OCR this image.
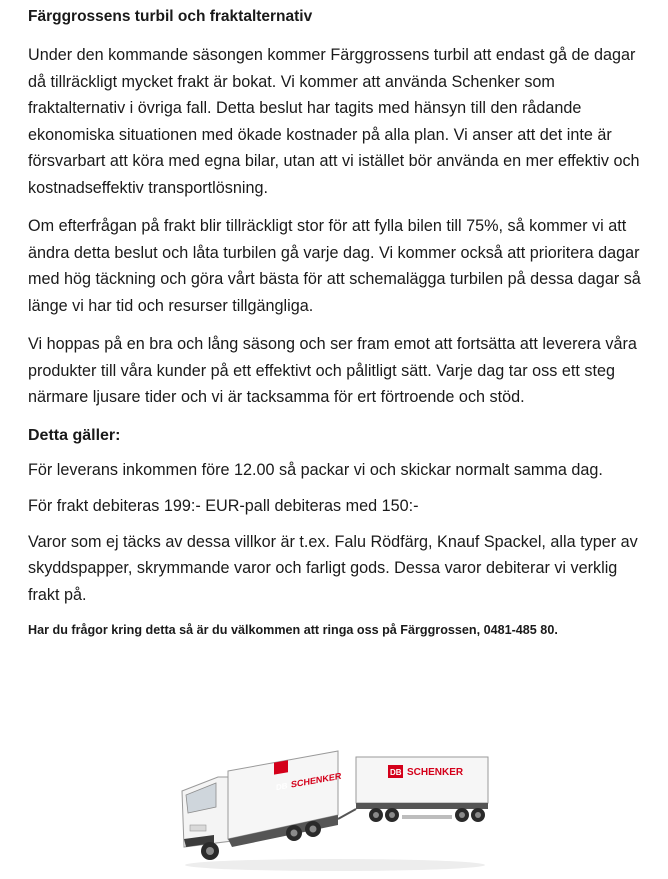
Färggrossens turbil och fraktalternativ

Under den kommande säsongen kommer Färggrossens turbil att endast gå de dagar då tillräckligt mycket frakt är bokat. Vi kommer att använda Schenker som fraktalternativ i övriga fall. Detta beslut har tagits med hänsyn till den rådande ekonomiska situationen med ökade kostnader på alla plan. Vi anser att det inte är försvarbart att köra med egna bilar, utan att vi istället bör använda en mer effektiv och kostnadseffektiv transportlösning.

Om efterfrågan på frakt blir tillräckligt stor för att fylla bilen till 75%, så kommer vi att ändra detta beslut och låta turbilen gå varje dag. Vi kommer också att prioritera dagar med hög täckning och göra vårt bästa för att schemalägga turbilen på dessa dagar så länge vi har tid och resurser tillgängliga.

Vi hoppas på en bra och lång säsong och ser fram emot att fortsätta att leverera våra produkter till våra kunder på ett effektivt och pålitligt sätt. Varje dag tar oss ett steg närmare ljusare tider och vi är tacksamma för ert förtroende och stöd.

Detta gäller:

För leverans inkommen före 12.00 så packar vi och skickar normalt samma dag.

För frakt debiteras 199:- EUR-pall debiteras med 150:-

Varor som ej täcks av dessa villkor är t.ex. Falu Rödfärg, Knauf Spackel, alla typer av skyddspapper, skrymmande varor och farligt gods. Dessa varor debiterar vi verklig frakt på.

Har du frågor kring detta så är du välkommen att ringa oss på Färggrossen, 0481-485 80.

DB SCHENKER	DB SCHENKER
